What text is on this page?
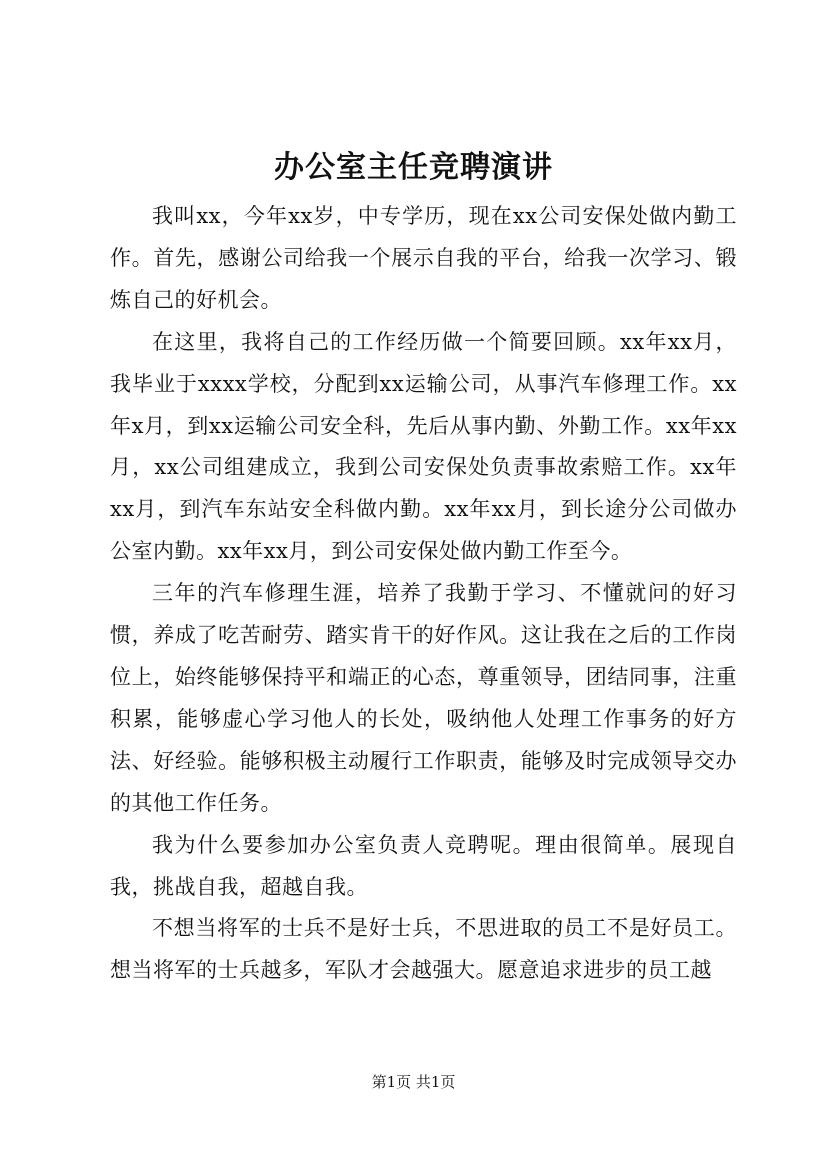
办公室主任竞聘演讲

我叫xx，今年xx岁，中专学历，现在xx公司安保处做内勤工作。首先，感谢公司给我一个展示自我的平台，给我一次学习、锻炼自己的好机会。

在这里，我将自己的工作经历做一个简要回顾。xx年xx月，我毕业于xxxx学校，分配到xx运输公司，从事汽车修理工作。xx年x月，到xx运输公司安全科，先后从事内勤、外勤工作。xx年xx月，xx公司组建成立，我到公司安保处负责事故索赔工作。xx年xx月，到汽车东站安全科做内勤。xx年xx月，到长途分公司做办公室内勤。xx年xx月，到公司安保处做内勤工作至今。

三年的汽车修理生涯，培养了我勤于学习、不懂就问的好习惯，养成了吃苦耐劳、踏实肯干的好作风。这让我在之后的工作岗位上，始终能够保持平和端正的心态，尊重领导，团结同事，注重积累，能够虚心学习他人的长处，吸纳他人处理工作事务的好方法、好经验。能够积极主动履行工作职责，能够及时完成领导交办的其他工作任务。

我为什么要参加办公室负责人竞聘呢。理由很简单。展现自我，挑战自我，超越自我。

不想当将军的士兵不是好士兵，不思进取的员工不是好员工。想当将军的士兵越多，军队才会越强大。愿意追求进步的员工越

第1页 共1页
